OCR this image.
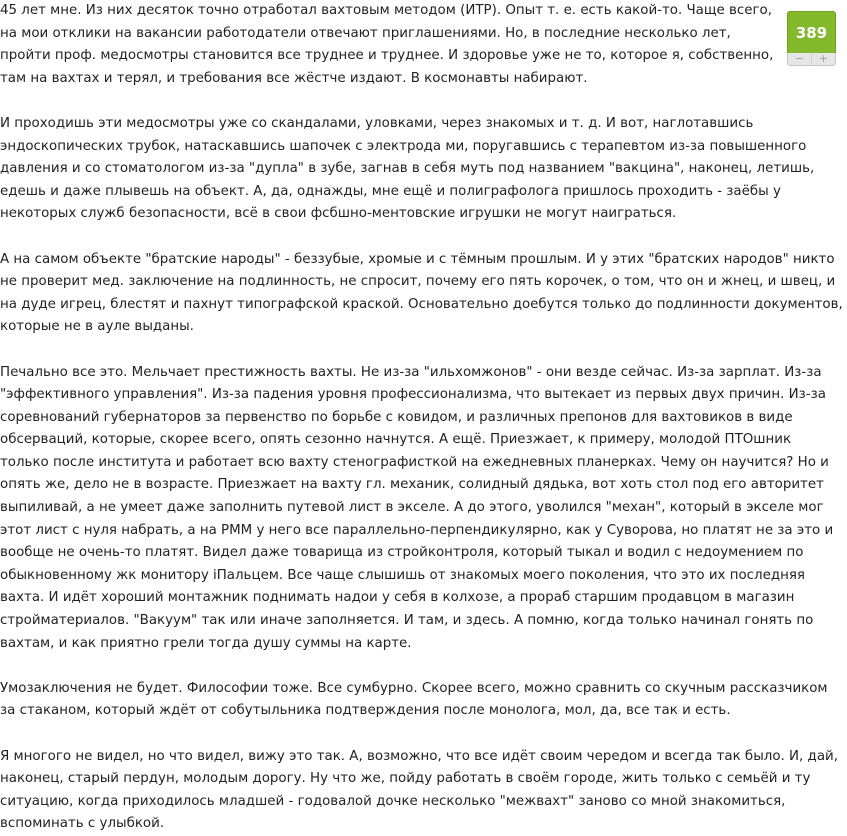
45 лет мне. Из них десяток точно отработал вахтовым методом (ИТР). Опыт т. е. есть какой-то. Чаще всего, на мои отклики на вакансии работодатели отвечают приглашениями. Но, в последние несколько лет, пройти проф. медосмотры становится все труднее и труднее. И здоровье уже не то, которое я, собственно, там на вахтах и терял, и требования все жёстче издают. В космонавты набирают.

И проходишь эти медосмотры уже со скандалами, уловками, через знакомых и т. д. И вот, наглотавшись эндоскопических трубок, натаскавшись шапочек с электрода ми, поругавшись с терапевтом из-за повышенного давления и со стоматологом из-за "дупла" в зубе, загнав в себя муть под названием "вакцина", наконец, летишь, едешь и даже плывешь на объект. А, да, однажды, мне ещё и полиграфолога пришлось проходить - заёбы у некоторых служб безопасности, всё в свои фсбшно-ментовские игрушки не могут наиграться.

А на самом объекте "братские народы" - беззубые, хромые и с тёмным прошлым. И у этих "братских народов" никто не проверит мед. заключение на подлинность, не спросит, почему его пять корочек, о том, что он и жнец, и швец, и на дуде игрец, блестят и пахнут типографской краской. Основательно доебутся только до подлинности документов, которые не в ауле выданы.

Печально все это. Мельчает престижность вахты. Не из-за "ильхомжонов" - они везде сейчас. Из-за зарплат. Из-за "эффективного управления". Из-за падения уровня профессионализма, что вытекает из первых двух причин. Из-за соревнований губернаторов за первенство по борьбе с ковидом, и различных препонов для вахтовиков в виде обсерваций, которые, скорее всего, опять сезонно начнутся. А ещё. Приезжает, к примеру, молодой ПТОшник только после института и работает всю вахту стенографисткой на ежедневных планерках. Чему он научится? Но и опять же, дело не в возрасте. Приезжает на вахту гл. механик, солидный дядька, вот хоть стол под его авторитет выпиливай, а не умеет даже заполнить путевой лист в экселе. А до этого, уволился "механ", который в экселе мог этот лист с нуля набрать, а на РММ у него все параллельно-перпендикулярно, как у Суворова, но платят не за это и вообще не очень-то платят. Видел даже товарища из стройконтроля, который тыкал и водил с недоумением по обыкновенному жк монитору iПальцем. Все чаще слышишь от знакомых моего поколения, что это их последняя вахта. И идёт хороший монтажник поднимать надои у себя в колхозе, а прораб старшим продавцом в магазин стройматериалов. "Вакуум" так или иначе заполняется. И там, и здесь. А помню, когда только начинал гонять по вахтам, и как приятно грели тогда душу суммы на карте.

Умозаключения не будет. Философии тоже. Все сумбурно. Скорее всего, можно сравнить со скучным рассказчиком за стаканом, который ждёт от собутыльника подтверждения после монолога, мол, да, все так и есть.

Я многого не видел, но что видел, вижу это так. А, возможно, что все идёт своим чередом и всегда так было. И, дай, наконец, старый пердун, молодым дорогу. Ну что же, пойду работать в своём городе, жить только с семьёй и ту ситуацию, когда приходилось младшей - годовалой дочке несколько "межвахт" заново со мной знакомиться, вспоминать с улыбкой.

389
−	+
